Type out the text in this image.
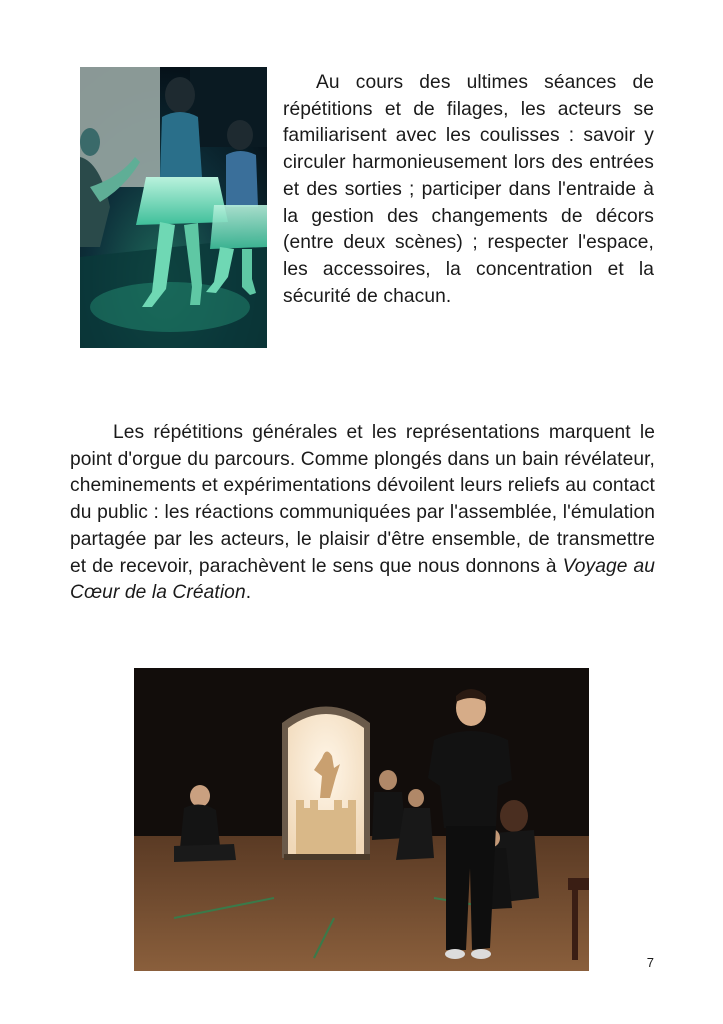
Au cours des ultimes séances de répétitions et de filages, les acteurs se familiarisent avec les coulisses : savoir y circuler harmonieusement lors des entrées et des sorties ; participer dans l'entraide à la gestion des changements de décors (entre deux scènes) ; respecter l'espace, les accessoires, la concentration et la sécurité de chacun.

Les répétitions générales et les représentations marquent le point d'orgue du parcours. Comme plongés dans un bain révélateur, cheminements et expérimentations dévoilent leurs reliefs au contact du public : les réactions communiquées par l'assemblée, l'émulation partagée par les acteurs, le plaisir d'être ensemble, de transmettre et de recevoir, parachèvent le sens que nous donnons à Voyage au Cœur de la Création.

7
